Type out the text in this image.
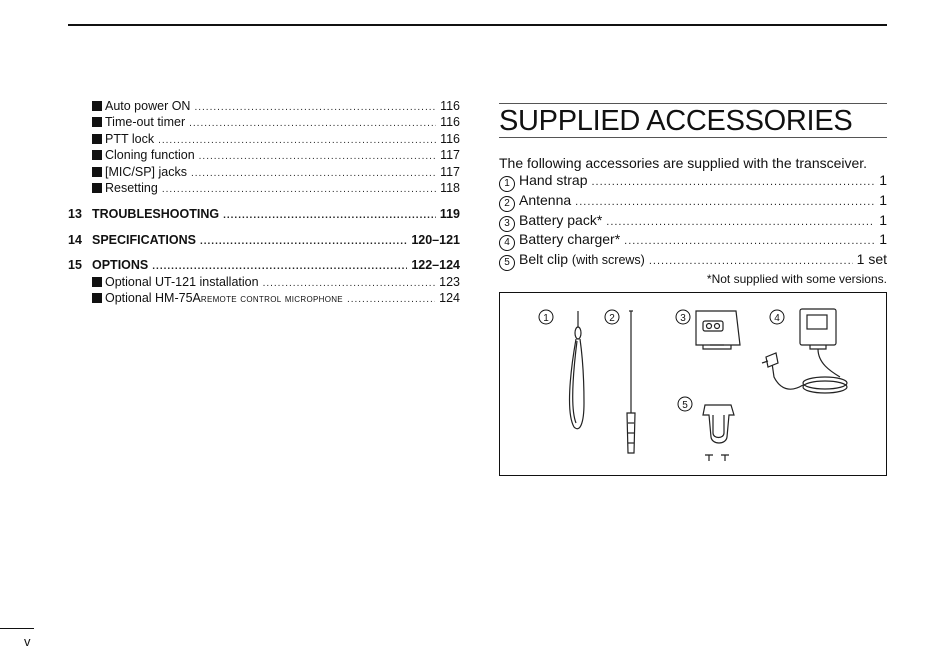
Auto power ON .....	116
Time-out timer .....	116
PTT lock .....	116
Cloning function .....	117
[MIC/SP] jacks .....	117
Resetting .....	118
13 TROUBLESHOOTING .....	119
14 SPECIFICATIONS .....	120–121
15 OPTIONS .....	122–124
Optional UT-121 installation .....	123
Optional HM-75A remote control microphone .....	124
SUPPLIED ACCESSORIES
The following accessories are supplied with the transceiver.
1 Hand strap .....	1
2 Antenna .....	1
3 Battery pack* .....	1
4 Battery charger* .....	1
5 Belt clip
(with screws) .....	1 set
*Not supplied with some versions.
1	2	3	4
5
v
